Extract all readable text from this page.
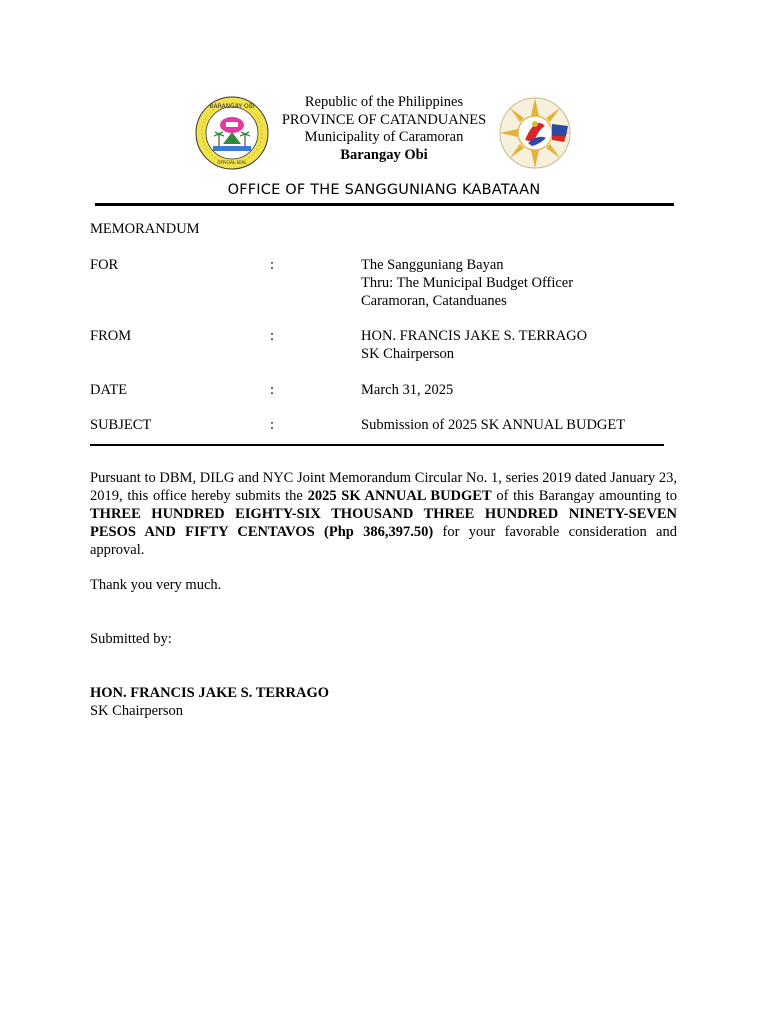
BARANGAY OBI
OFFICIAL SEAL
Republic of the Philippines
PROVINCE OF CATANDUANES
Municipality of Caramoran
Barangay Obi
OFFICE OF THE SANGGUNIANG KABATAAN
MEMORANDUM
FOR	:	The Sangguniang Bayan
Thru: The Municipal Budget Officer
Caramoran, Catanduanes
FROM	:	HON. FRANCIS JAKE S. TERRAGO
SK Chairperson
DATE	:	March 31, 2025
SUBJECT	:	Submission of 2025 SK ANNUAL BUDGET
Pursuant to DBM, DILG and NYC Joint Memorandum Circular No. 1, series 2019 dated January 23, 2019, this office hereby submits the 2025 SK ANNUAL BUDGET of this Barangay amounting to THREE HUNDRED EIGHTY-SIX THOUSAND THREE HUNDRED NINETY-SEVEN PESOS AND FIFTY CENTAVOS (Php 386,397.50) for your favorable consideration and approval.
Thank you very much.
Submitted by:
HON. FRANCIS JAKE S. TERRAGO
SK Chairperson
